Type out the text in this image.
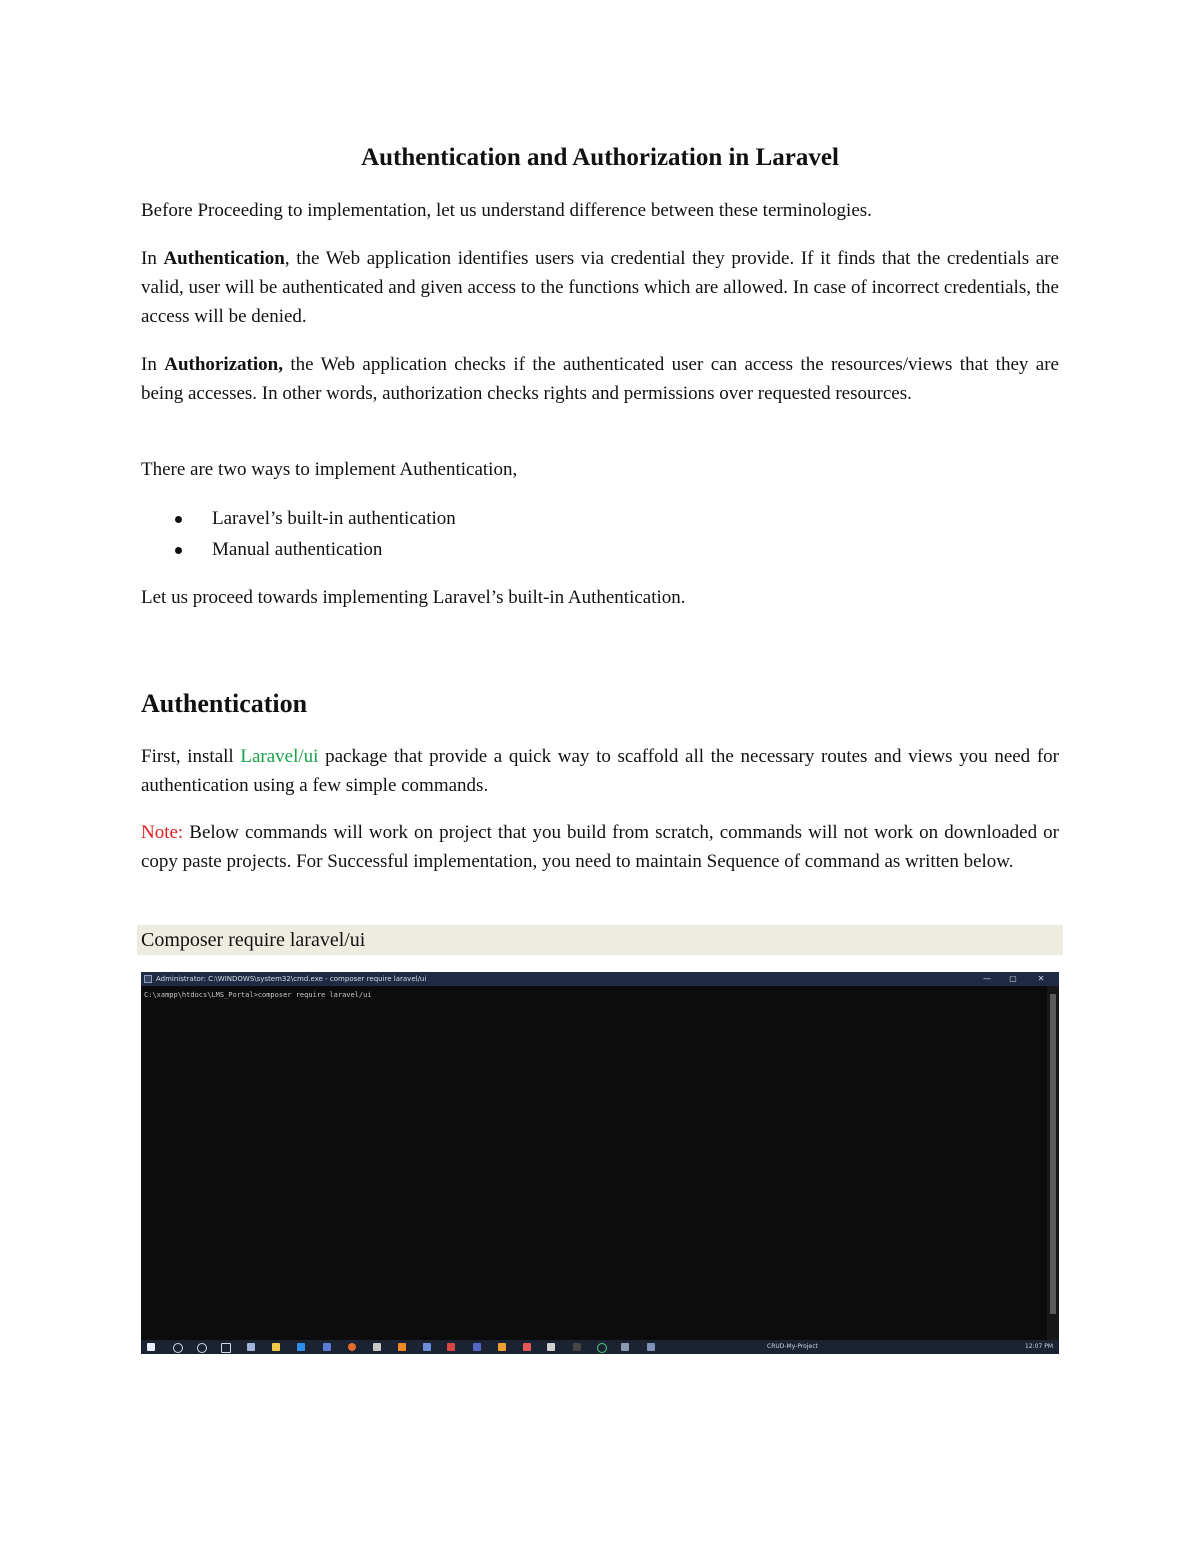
Authentication and Authorization in Laravel

Before Proceeding to implementation, let us understand difference between these terminologies.

In Authentication, the Web application identifies users via credential they provide. If it finds that the credentials are valid, user will be authenticated and given access to the functions which are allowed. In case of incorrect credentials, the access will be denied.

In Authorization, the Web application checks if the authenticated user can access the resources/views that they are being accesses. In other words, authorization checks rights and permissions over requested resources.

There are two ways to implement Authentication,

Laravel’s built-in authentication
Manual authentication

Let us proceed towards implementing Laravel’s built-in Authentication.

Authentication

First, install Laravel/ui package that provide a quick way to scaffold all the necessary routes and views you need for authentication using a few simple commands.

Note: Below commands will work on project that you build from scratch, commands will not work on downloaded or copy paste projects. For Successful implementation, you need to maintain Sequence of command as written below.

Composer require laravel/ui
Administrator: C:\WINDOWS\system32\cmd.exe - composer require laravel/ui	—	▢	✕
C:\xampp\htdocs\LMS_Portal>composer require laravel/ui
CRUD-My-Project	12:07 PM
